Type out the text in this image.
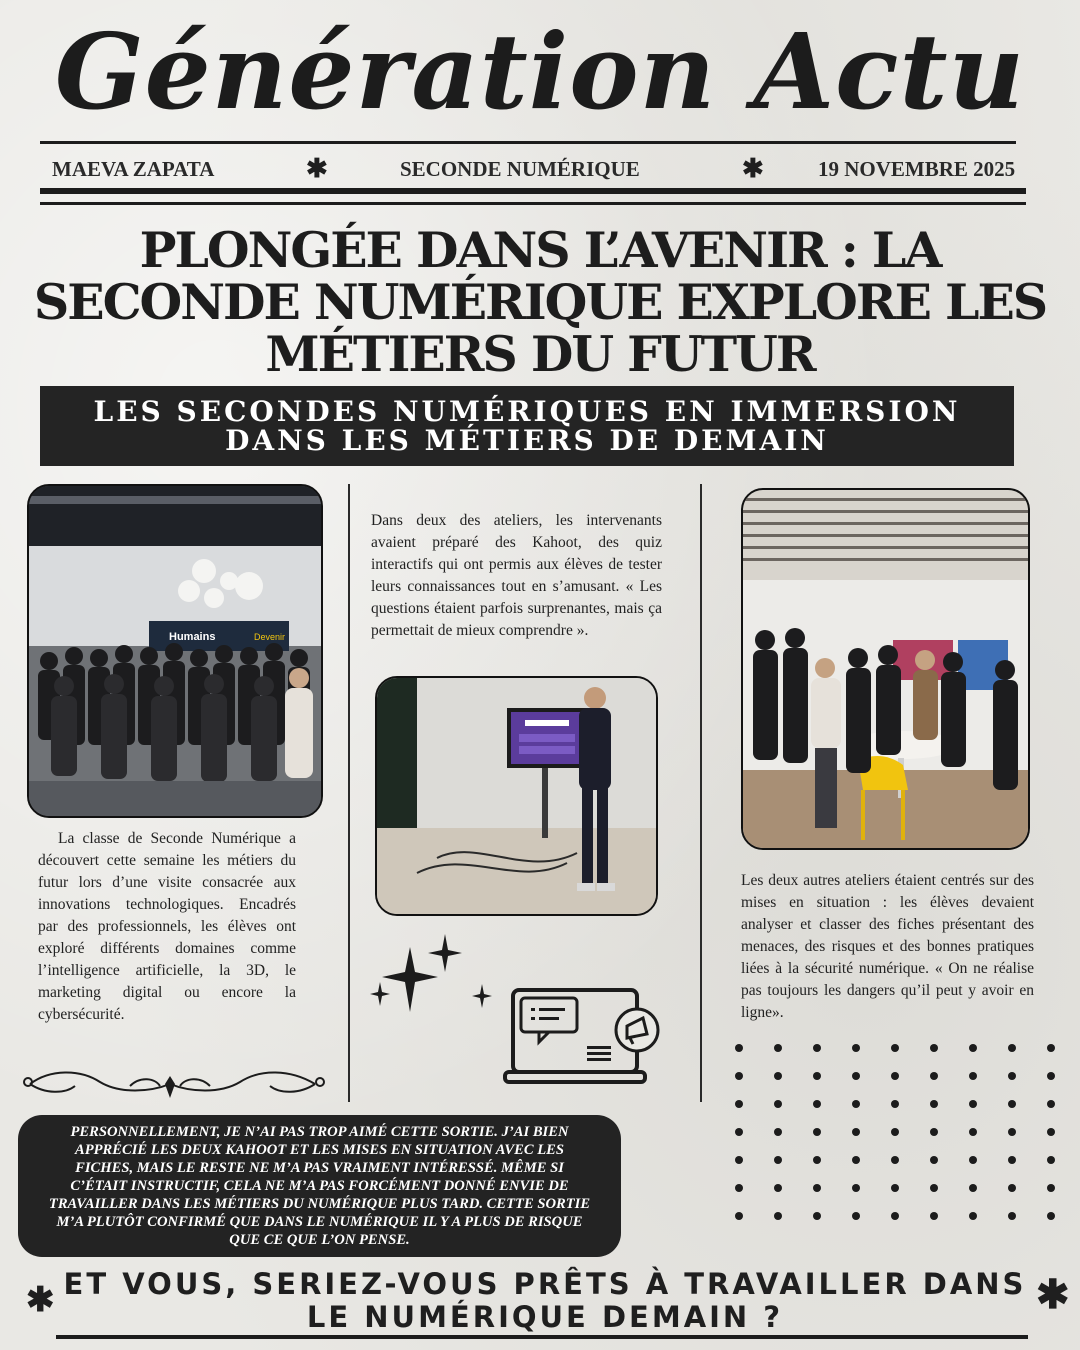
Génération Actu
MAEVA ZAPATA	✱	SECONDE NUMÉRIQUE	✱	19 NOVEMBRE 2025
PLONGÉE DANS L’AVENIR : LA SECONDE NUMÉRIQUE EXPLORE LES MÉTIERS DU FUTUR
LES SECONDES NUMÉRIQUES EN IMMERSION DANS LES MÉTIERS DE DEMAIN
Humains	Devenir
La classe de Seconde Numérique a découvert cette semaine les métiers du futur lors d’une visite consacrée aux innovations technologiques. Encadrés par des professionnels, les élèves ont exploré différents domaines comme l’intelligence artificielle, la 3D, le marketing digital ou encore la cybersécurité.
Dans deux des ateliers, les intervenants avaient préparé des Kahoot, des quiz interactifs qui ont permis aux élèves de tester leurs connaissances tout en s’amusant. « Les questions étaient parfois surprenantes, mais ça permettait de mieux comprendre ».
Les deux autres ateliers étaient centrés sur des mises en situation : les élèves devaient analyser et classer des fiches présentant des menaces, des risques et des bonnes pratiques liées à la sécurité numérique. « On ne réalise pas toujours les dangers qu’il peut y avoir en ligne».
PERSONNELLEMENT, JE N’AI PAS TROP AIMÉ CETTE SORTIE. J’AI BIEN APPRÉCIÉ LES DEUX KAHOOT ET LES MISES EN SITUATION AVEC LES FICHES, MAIS LE RESTE NE M’A PAS VRAIMENT INTÉRESSÉ. MÊME SI C’ÉTAIT INSTRUCTIF, CELA NE M’A PAS FORCÉMENT DONNÉ ENVIE DE TRAVAILLER DANS LES MÉTIERS DU NUMÉRIQUE PLUS TARD. CETTE SORTIE M’A PLUTÔT CONFIRMÉ QUE DANS LE NUMÉRIQUE IL Y A PLUS DE RISQUE QUE CE QUE L’ON PENSE.
✱ ET VOUS, SERIEZ-VOUS PRÊTS À TRAVAILLER DANS LE NUMÉRIQUE DEMAIN ?	✱
